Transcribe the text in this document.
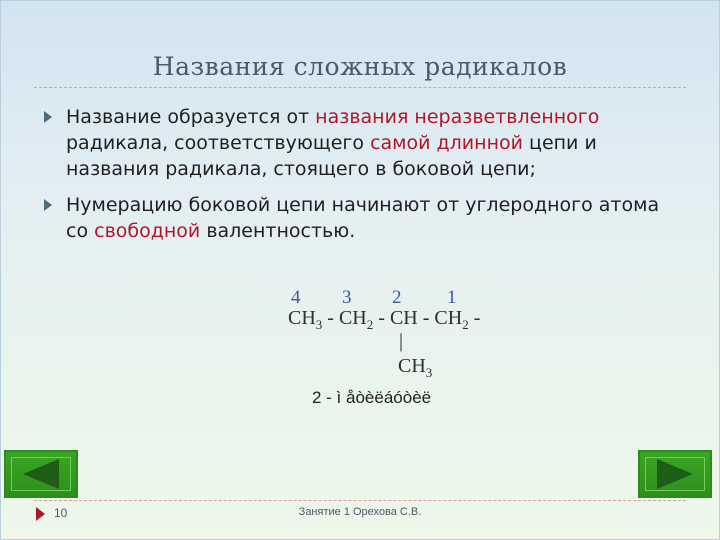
Названия сложных радикалов
Название образуется от названия неразветвленного
радикала, соответствующего самой длинной цепи и названия радикала, стоящего в боковой цепи;
Нумерацию боковой цепи начинают от углеродного атома со свободной валентностью.
4 3 2 1
$CH_3 - CH_2$ - CH - $CH_2$ -
|
$CH_3$
2 - ì åòèëáóòèë
10	Занятие 1 Орехова С.В.
